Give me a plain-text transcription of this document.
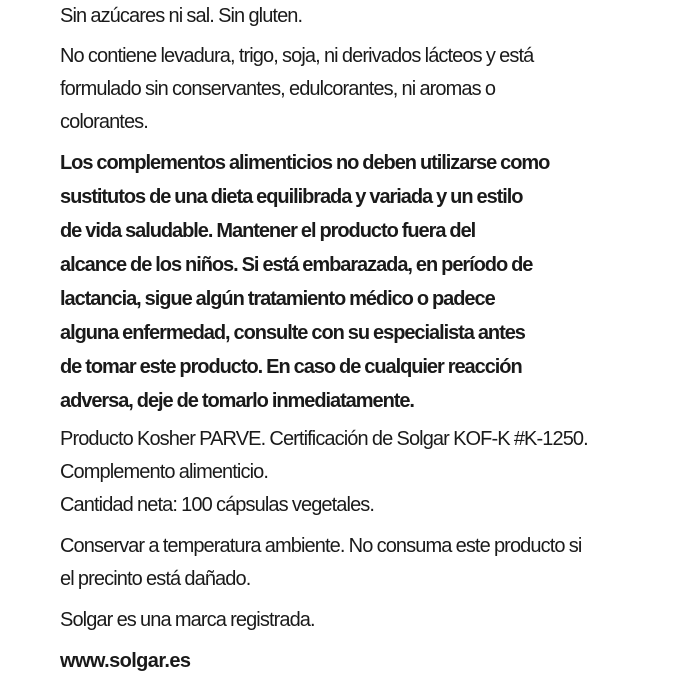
Sin azúcares ni sal. Sin gluten.

No contiene levadura, trigo, soja, ni derivados lácteos y está
formulado sin conservantes, edulcorantes, ni aromas o
colorantes.

Los complementos alimenticios no deben utilizarse como
sustitutos de una dieta equilibrada y variada y un estilo
de vida saludable. Mantener el producto fuera del
alcance de los niños. Si está embarazada, en período de
lactancia, sigue algún tratamiento médico o padece
alguna enfermedad, consulte con su especialista antes
de tomar este producto. En caso de cualquier reacción
adversa, deje de tomarlo inmediatamente.

Producto Kosher PARVE. Certificación de Solgar KOF-K #K-1250.
Complemento alimenticio.
Cantidad neta: 100 cápsulas vegetales.

Conservar a temperatura ambiente. No consuma este producto si
el precinto está dañado.

Solgar es una marca registrada.

www.solgar.es
